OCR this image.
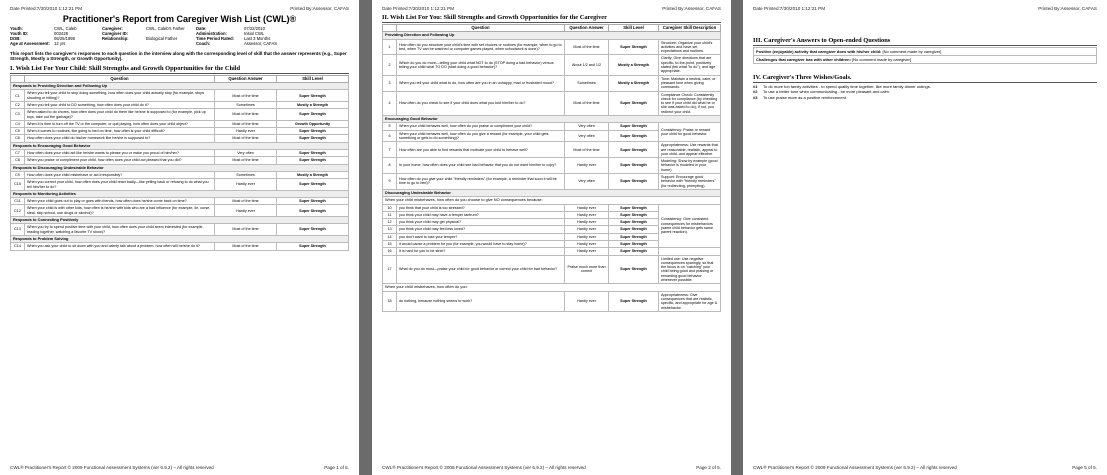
Date Printed:7/30/2010 1:12:21 PM	Printed By:Assessor, CAFAS
Practitioner's Report from Caregiver Wish List (CWL)®
Youth:	CWL, Caleb	Caregiver:	CWL, Caleb's Father	Date:	07/22/2010
Youth ID:	003428	Caregiver ID:	Administration:	Initial CWL
DOB:	06/25/1998	Relationship:	Biological Father	Time Period Rated:	Last 3 Months
Age at Assessment: 12 yrs	Coach:	Assessor, CAFAS
This report lists the caregiver's responses to each question in the interview along with the corresponding level of skill that the answer represents (e.g., Super Strength, Mostly a Strength, or Growth Opportunity).
I. Wish List For Your Child: Skill Strengths and Growth Opportunities for the Child
	Question	Question Answer	Skill Level
Responds to Providing Direction and Following Up			
C1	When you tell your child to stop doing something, how often does your child actually stop (for example, stops shouting or hitting)?	Most of the time	Super Strength
C2	When you tell your child to DO something, how often does your child do it?	Sometimes	Mostly a Strength
C3	When asked to do chores, how often does your child do them like he/she is supposed to (for example, pick up toys, take out the garbage)?	Most of the time	Super Strength
C4	When it is time to turn off the TV or the computer, or quit playing, how often does your child object?	Most of the time	Growth Opportunity
C5	When it comes to routines, like going to bed on time, how often is your child difficult?	Hardly ever	Super Strength
C6	How often does your child do his/her homework like he/she is supposed to?	Most of the time	Super Strength
Responds to Encouraging Good Behavior			
C7	How often does your child act like he/she wants to please you or make you proud of him/her?	Very often	Super Strength
C8	When you praise or compliment your child, how often does your child act pleased that you did?	Most of the time	Super Strength
Responds to Discouraging Undesirable Behavior			
C9	How often does your child misbehave or act irresponsibly?	Sometimes	Mostly a Strength
C10	When you correct your child, how often does your child react badly—like yelling back or refusing to do what you tell him/her to do?	Hardly ever	Super Strength
Responds to Monitoring Activities			
C11	When your child goes out to play or goes with friends, how often does he/she come back on time?	Most of the time	Super Strength
C12	When your child is with other kids, how often is he/she with kids who are a bad influence (for example, lie, curse, steal, skip school, use drugs or alcohol)?	Hardly ever	Super Strength
Responds to Connecting Positively			
C13	When you try to spend positive time with your child, how often does your child seem interested (for example, reading together, watching a favorite TV show)?	Most of the time	Super Strength
Responds to Problem Solving			
C14	When you ask your child to sit down with you and calmly talk about a problem, how often will he/she do it?	Most of the time	Super Strength
CWL® Practitioner's Report © 2009 Functional Assessment Systems (ver 6.9.2) – All rights reserved	Page 1 of 5.
Date Printed:7/30/2010 1:12:21 PM	Printed By:Assessor, CAFAS
II. Wish List For You: Skill Strengths and Growth Opportunities for the Caregiver
	Question	Question Answer	Skill Level	Caregiver Skill Description
Providing Direction and Following Up				
1	How often do you structure your child's time with set choices or routines (for example, when to go to bed, when TV can be watched or computer games played, when schoolwork is done)?	Most of the time	Super Strength	Structure: Organize your child's activities and have set expectations and routines.
2	Which do you do more—telling your child what NOT to do (STOP doing a bad behavior) versus telling your child what TO DO (start doing a good behavior)?	About 1/2 and 1/2	Mostly a Strength	Clarity: Give directions that are specific, to-the-point, positively stated (tell what "to do"), and age appropriate.
3	When you tell your child what to do, how often are you in an unhappy, mad or frustrated mood?	Sometimes	Mostly a Strength	Tone: Maintain a neutral, calm, or pleasant tone when giving commands.
4	How often do you check to see if your child does what you told him/her to do?	Most of the time	Super Strength	Compliance Check: Consistently check for compliance (by checking to see if your child did what he or she was asked to do); if not, you redirect your child.
Encouraging Good Behavior				
5	When your child behaves well, how often do you praise or compliment your child?	Very often	Super Strength	Consistency: Praise or reward your child for good behavior.
6	When your child behaves well, how often do you give a reward (for example, your child gets something or gets to do something)?	Very often	Super Strength	
7	How often are you able to find rewards that motivate your child to behave well?	Most of the time	Super Strength	Appropriateness: Use rewards that are reasonable, realistic, appeal to your child, and appear effective.
8	In your home, how often does your child see bad behavior that you do not want him/her to copy?	Hardly ever	Super Strength	Modeling: Show by example (good behavior is modeled in your home).
9	How often do you give your child "friendly reminders" (for example, a reminder that soon it will be time to go to bed)?	Very often	Super Strength	Support: Encourage good behavior with "friendly reminders" (for redirecting, prompting).
Discouraging Undesirable Behavior				
When your child misbehaves, how often do you choose to give NO consequences because:				
10	you think that your child is too stressed?	Hardly ever	Super Strength	Consistency: Give consistent consequences for misbehaviors (same child behavior gets same parent reaction).
11	you think your child may have a temper tantrum?	Hardly ever	Super Strength	
12	you think your child may get physical?	Hardly ever	Super Strength	
13	you think your child may feel less loved?	Hardly ever	Super Strength	
14	you don't want to lose your temper?	Hardly ever	Super Strength	
15	it would cause a problem for you (for example, you would have to stay home)?	Hardly ever	Super Strength	
16	it is hard for you to be strict?	Hardly ever	Super Strength	
17	What do you do most—praise your child for good behavior or correct your child for bad behavior?	Praise much more than correct	Super Strength	Limited use: Use negative consequences sparingly, so that the focus is on "catching" your child being good and praising or rewarding good behavior whenever possible.
When your child misbehaves, how often do you:				
18	do nothing, because nothing seems to work?	Hardly ever	Super Strength	Appropriateness: Give consequences that are realistic, specific, and appropriate for age & misbehavior.
CWL® Practitioner's Report © 2009 Functional Assessment Systems (ver 6.9.2) – All rights reserved	Page 2 of 5.
Date Printed:7/30/2010 1:12:21 PM	Printed By:Assessor, CAFAS
III. Caregiver's Answers to Open-ended Questions
Positive (enjoyable) activity that caregiver does with his/her child: [No comment made by caregiver]
Challenges that caregiver has with other children: [No comment made by caregiver]
IV. Caregiver's Three Wishes/Goals.
#1	To do more fun family activities - to spend quality time together, like more family dinner outings.
#2	To use a better tone when communicating - be more pleasant and calm.
#3	To use praise more as a positive reinforcement.
CWL® Practitioner's Report © 2009 Functional Assessment Systems (ver 6.9.2) – All rights reserved	Page 5 of 5.
